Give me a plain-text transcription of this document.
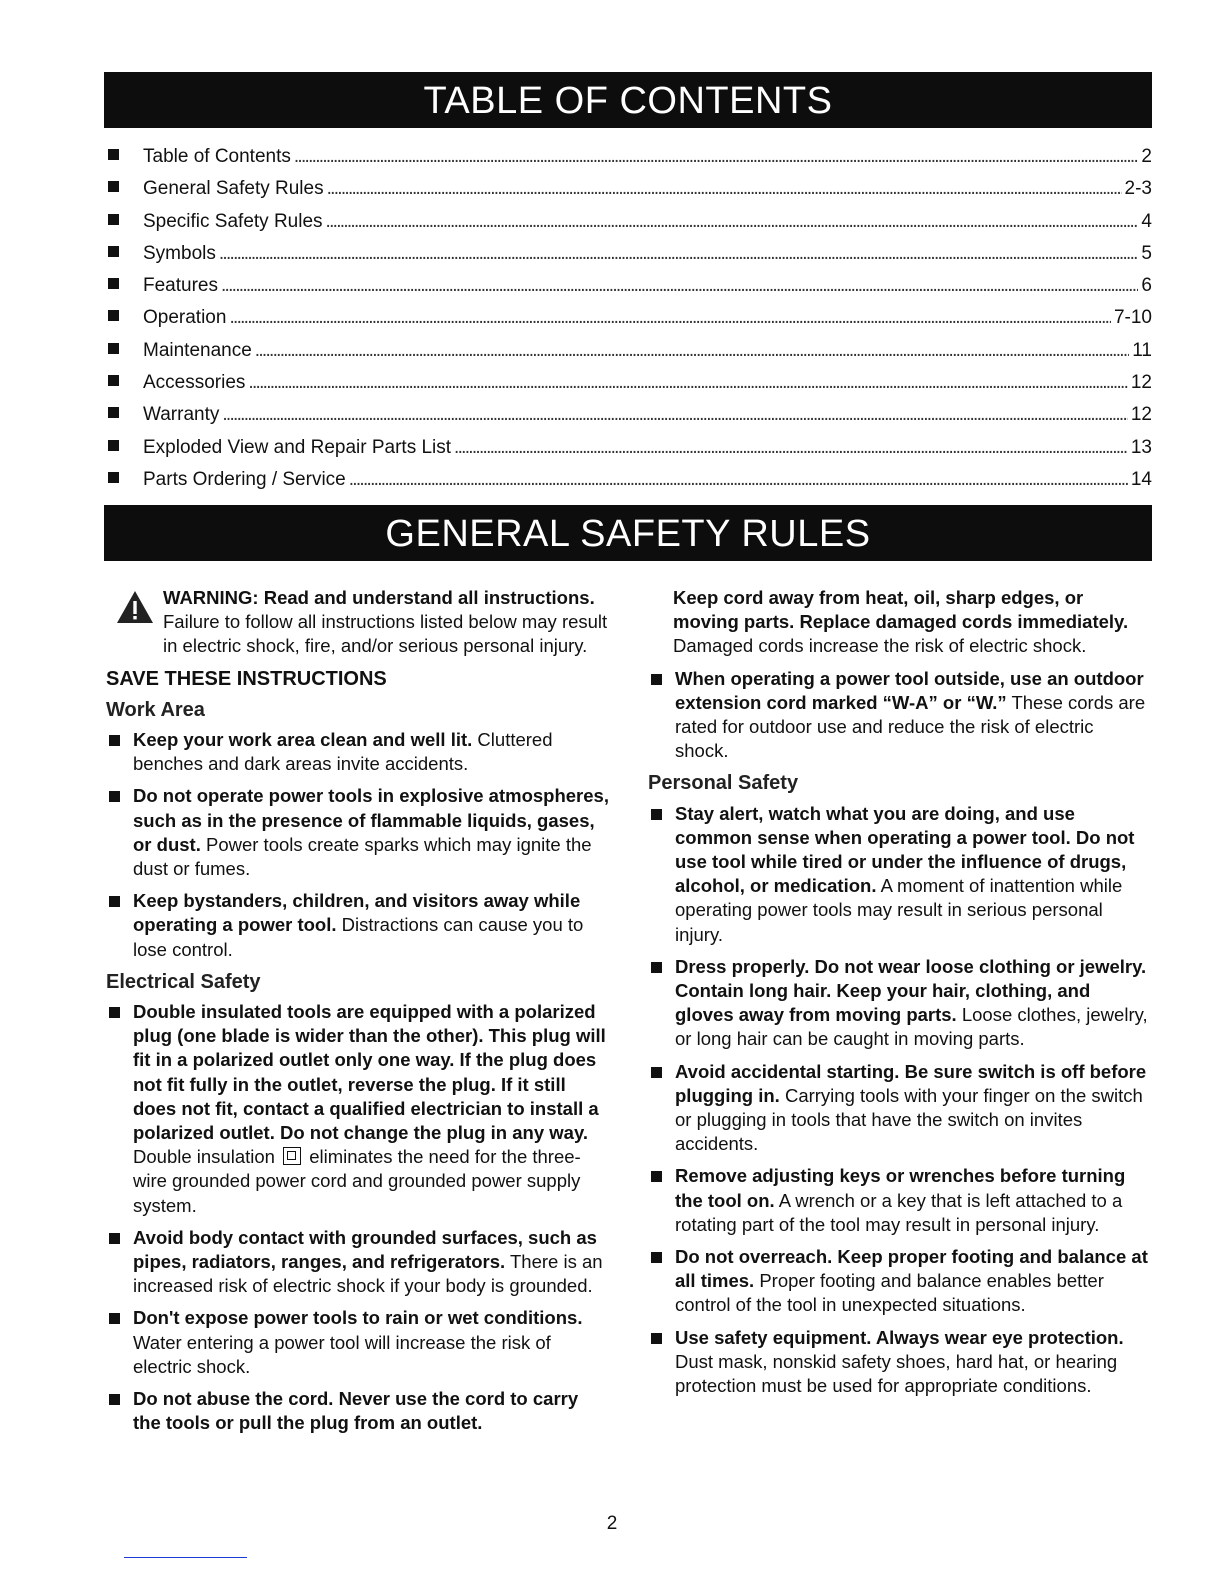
TABLE OF CONTENTS
Table of Contents . . .	2
General Safety Rules . . .	2-3
Specific Safety Rules . . .	4
Symbols . . .	5
Features . . .	6
Operation . . .	7-10
Maintenance . . .	11
Accessories . . .	12
Warranty . . .	12
Exploded View and Repair Parts List . . .	13
Parts Ordering / Service . . .	14
GENERAL SAFETY RULES
WARNING: Read and understand all instructions. Failure to follow all instructions listed below may result in electric shock, fire, and/or serious personal injury.
SAVE THESE INSTRUCTIONS
Work Area
Keep your work area clean and well lit. Cluttered benches and dark areas invite accidents.
Do not operate power tools in explosive atmospheres, such as in the presence of flammable liquids, gases, or dust. Power tools create sparks which may ignite the dust or fumes.
Keep bystanders, children, and visitors away while operating a power tool. Distractions can cause you to lose control.
Electrical Safety
Double insulated tools are equipped with a polarized plug (one blade is wider than the other). This plug will fit in a polarized outlet only one way. If the plug does not fit fully in the outlet, reverse the plug. If it still does not fit, contact a qualified electrician to install a polarized outlet. Do not change the plug in any way. Double insulation  eliminates the need for the three-wire grounded power cord and grounded power supply system.
Avoid body contact with grounded surfaces, such as pipes, radiators, ranges, and refrigerators. There is an increased risk of electric shock if your body is grounded.
Don't expose power tools to rain or wet conditions. Water entering a power tool will increase the risk of electric shock.
Do not abuse the cord. Never use the cord to carry the tools or pull the plug from an outlet.
Keep cord away from heat, oil, sharp edges, or moving parts. Replace damaged cords immediately. Damaged cords increase the risk of electric shock.
When operating a power tool outside, use an outdoor extension cord marked “W-A” or “W.” These cords are rated for outdoor use and reduce the risk of electric shock.
Personal Safety
Stay alert, watch what you are doing, and use common sense when operating a power tool. Do not use tool while tired or under the influence of drugs, alcohol, or medication. A moment of inattention while operating power tools may result in serious personal injury.
Dress properly. Do not wear loose clothing or jewelry. Contain long hair. Keep your hair, clothing, and gloves away from moving parts. Loose clothes, jewelry, or long hair can be caught in moving parts.
Avoid accidental starting. Be sure switch is off before plugging in. Carrying tools with your finger on the switch or plugging in tools that have the switch on invites accidents.
Remove adjusting keys or wrenches before turning the tool on. A wrench or a key that is left attached to a rotating part of the tool may result in personal injury.
Do not overreach. Keep proper footing and balance at all times. Proper footing and balance enables better control of the tool in unexpected situations.
Use safety equipment. Always wear eye protection. Dust mask, nonskid safety shoes, hard hat, or hearing protection must be used for appropriate conditions.
2
